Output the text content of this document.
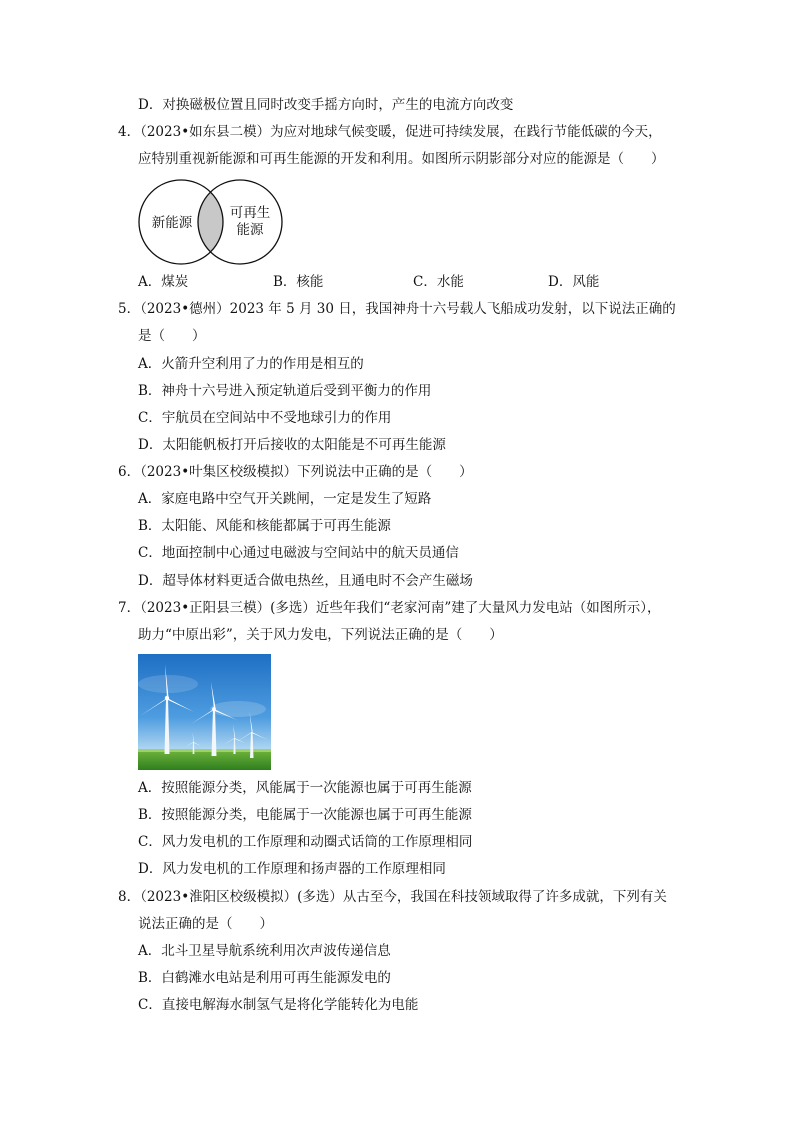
D．对换磁极位置且同时改变手摇方向时，产生的电流方向改变
4．（2023•如东县二模）为应对地球气候变暖，促进可持续发展，在践行节能低碳的今天，
应特别重视新能源和可再生能源的开发和利用。如图所示阴影部分对应的能源是（　　）
新能源
可再生
能源
A．煤炭	B．核能	C．水能	D．风能
5．（2023•德州）2023 年 5 月 30 日，我国神舟十六号载人飞船成功发射，以下说法正确的
是（　　）
A．火箭升空利用了力的作用是相互的
B．神舟十六号进入预定轨道后受到平衡力的作用
C．宇航员在空间站中不受地球引力的作用
D．太阳能帆板打开后接收的太阳能是不可再生能源
6．（2023•叶集区校级模拟）下列说法中正确的是（　　）
A．家庭电路中空气开关跳闸，一定是发生了短路
B．太阳能、风能和核能都属于可再生能源
C．地面控制中心通过电磁波与空间站中的航天员通信
D．超导体材料更适合做电热丝，且通电时不会产生磁场
7．（2023•正阳县三模）(多选）近些年我们“老家河南”建了大量风力发电站（如图所示），
助力“中原出彩”，关于风力发电，下列说法正确的是（　　）
A．按照能源分类，风能属于一次能源也属于可再生能源
B．按照能源分类，电能属于一次能源也属于可再生能源
C．风力发电机的工作原理和动圈式话筒的工作原理相同
D．风力发电机的工作原理和扬声器的工作原理相同
8．（2023•淮阳区校级模拟）(多选）从古至今，我国在科技领域取得了许多成就，下列有关
说法正确的是（　　）
A．北斗卫星导航系统利用次声波传递信息
B．白鹤滩水电站是利用可再生能源发电的
C．直接电解海水制氢气是将化学能转化为电能
